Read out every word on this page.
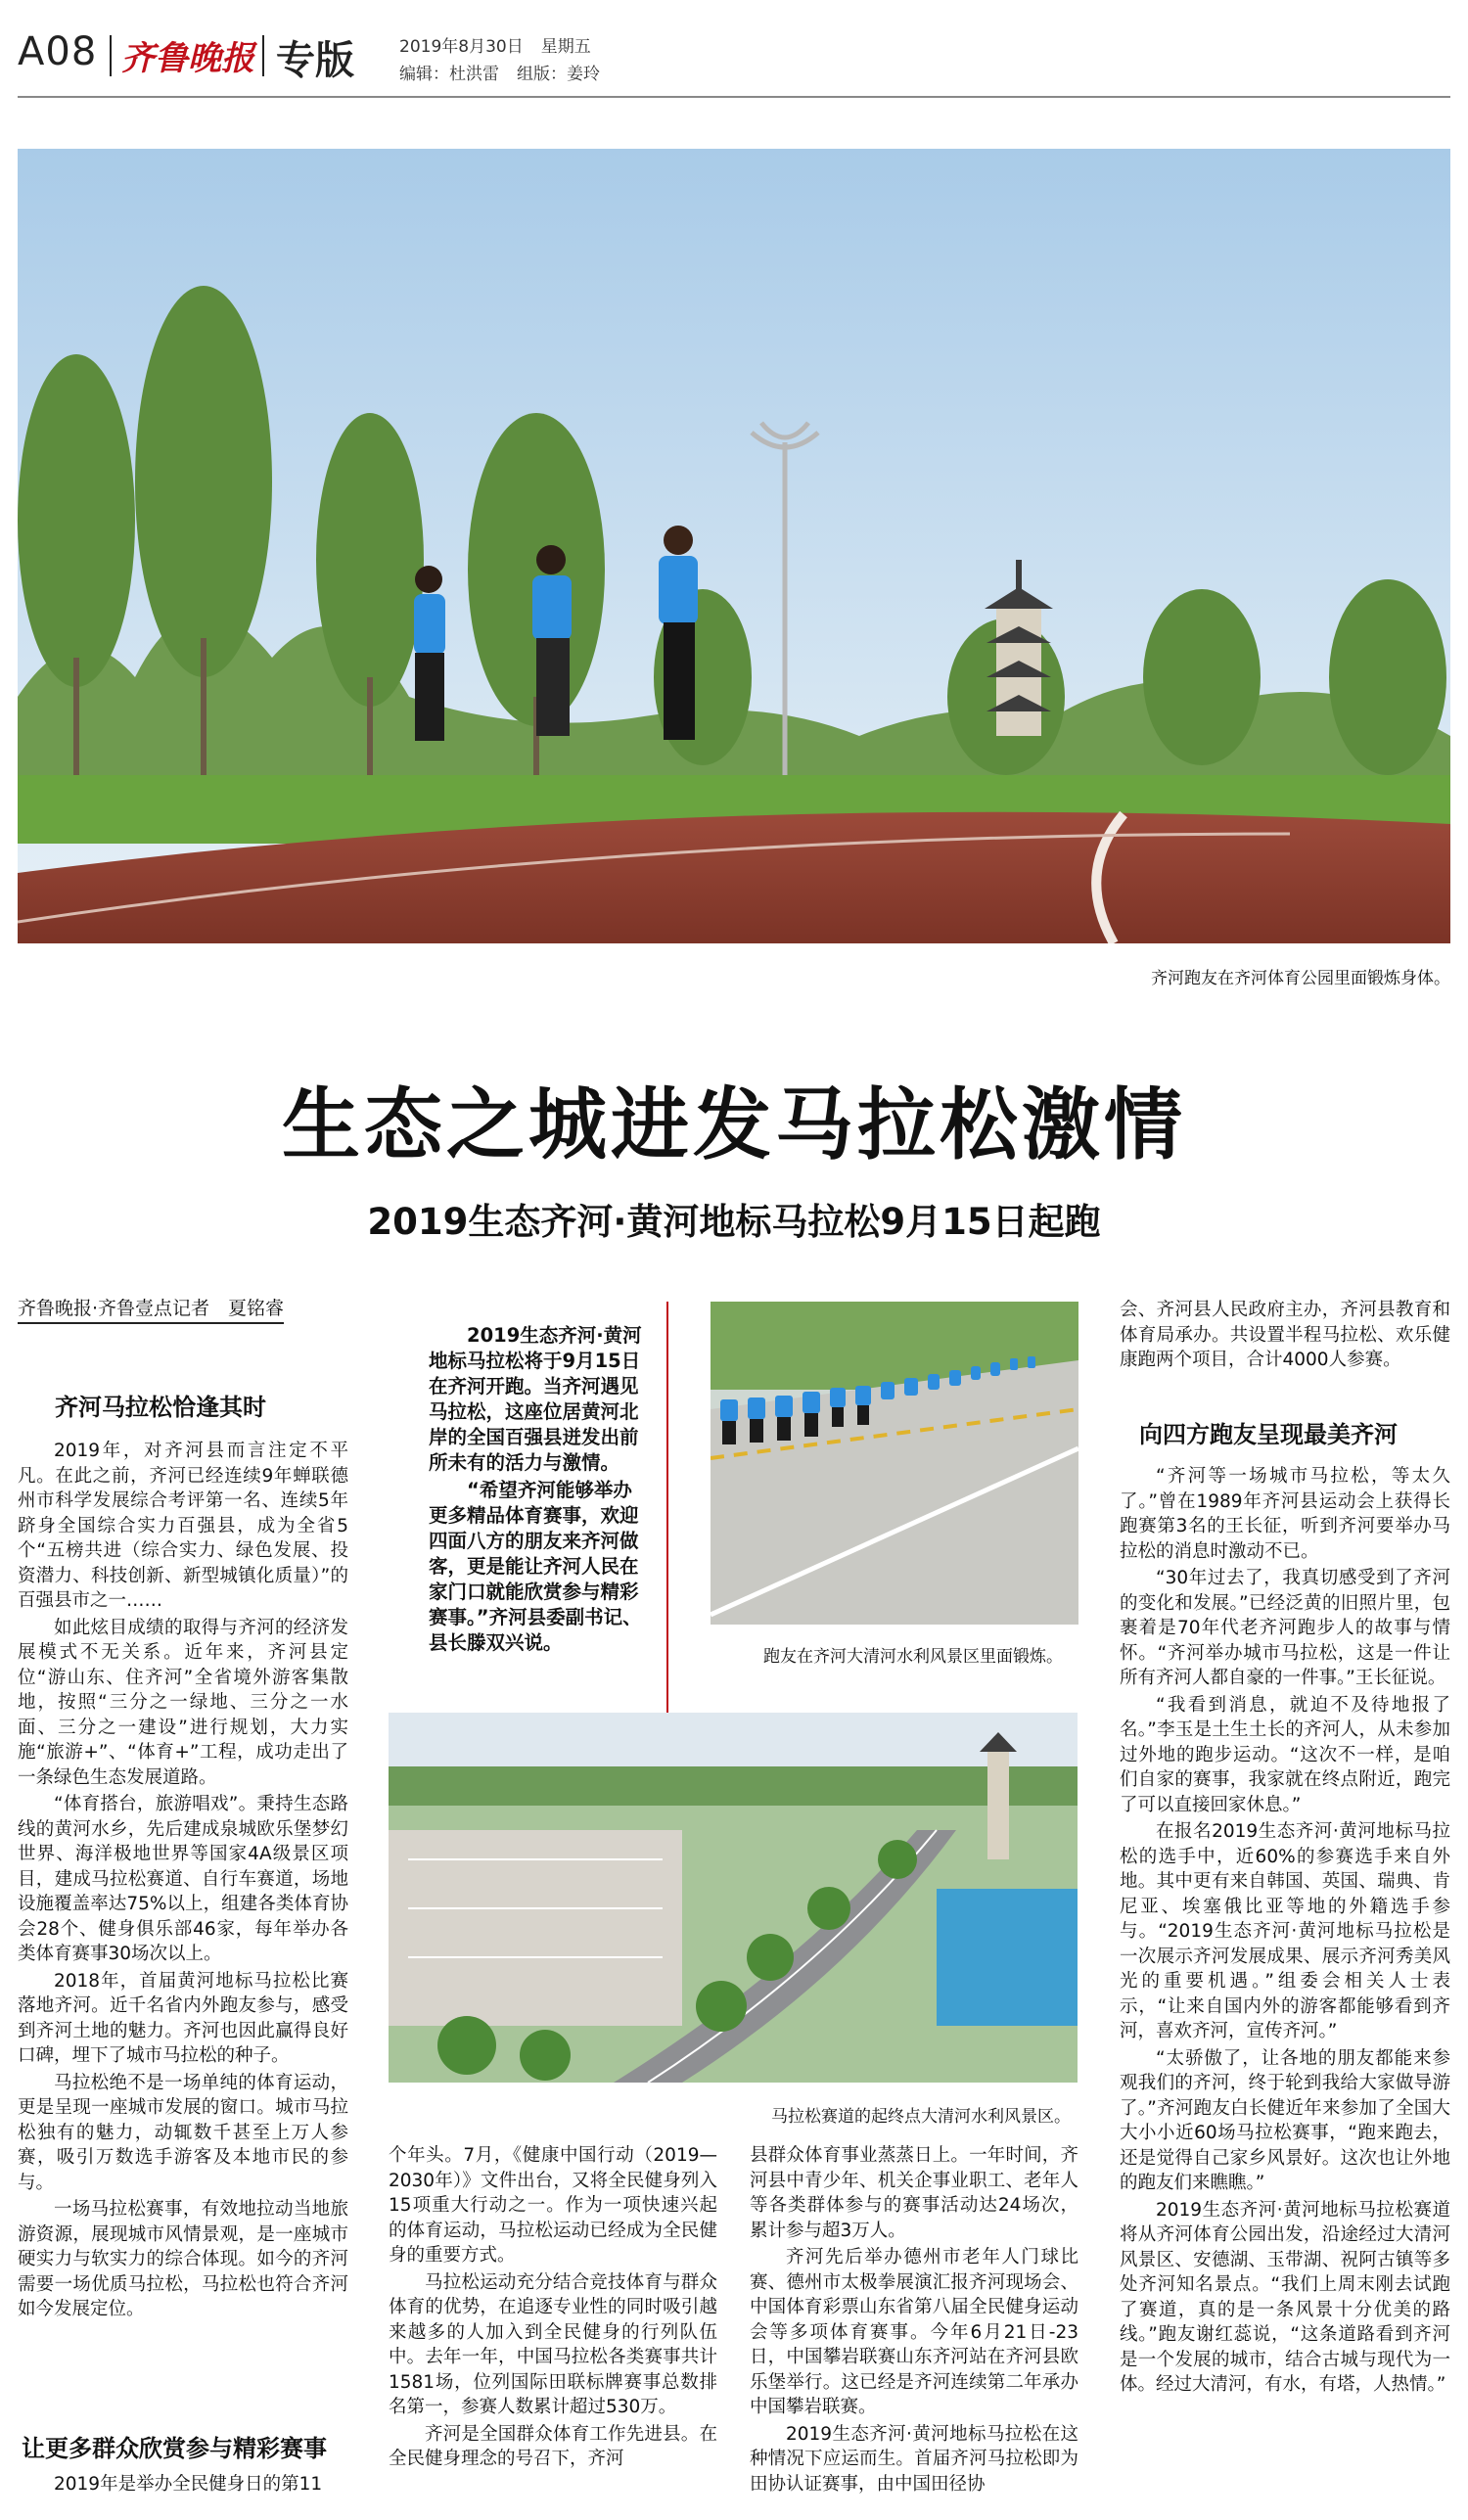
A08 齐鲁晚报 专版	2019年8月30日 星期五
编辑：杜洪雷 组版：姜玲
齐河跑友在齐河体育公园里面锻炼身体。
生态之城进发马拉松激情
2019生态齐河·黄河地标马拉松9月15日起跑
齐鲁晚报·齐鲁壹点记者　夏铭睿
齐河马拉松恰逢其时

2019年，对齐河县而言注定不平凡。在此之前，齐河已经连续9年蝉联德州市科学发展综合考评第一名、连续5年跻身全国综合实力百强县，成为全省5个“五榜共进（综合实力、绿色发展、投资潜力、科技创新、新型城镇化质量）”的百强县市之一……

如此炫目成绩的取得与齐河的经济发展模式不无关系。近年来，齐河县定位“游山东、住齐河”全省境外游客集散地，按照“三分之一绿地、三分之一水面、三分之一建设”进行规划，大力实施“旅游+”、“体育+”工程，成功走出了一条绿色生态发展道路。

“体育搭台，旅游唱戏”。秉持生态路线的黄河水乡，先后建成泉城欧乐堡梦幻世界、海洋极地世界等国家4A级景区项目，建成马拉松赛道、自行车赛道，场地设施覆盖率达75%以上，组建各类体育协会28个、健身俱乐部46家，每年举办各类体育赛事30场次以上。

2018年，首届黄河地标马拉松比赛落地齐河。近千名省内外跑友参与，感受到齐河土地的魅力。齐河也因此赢得良好口碑，埋下了城市马拉松的种子。

马拉松绝不是一场单纯的体育运动，更是呈现一座城市发展的窗口。城市马拉松独有的魅力，动辄数千甚至上万人参赛，吸引万数选手游客及本地市民的参与。

一场马拉松赛事，有效地拉动当地旅游资源，展现城市风情景观，是一座城市硬实力与软实力的综合体现。如今的齐河需要一场优质马拉松，马拉松也符合齐河如今发展定位。

让更多群众欣赏参与精彩赛事

2019年是举办全民健身日的第11

2019生态齐河·黄河地标马拉松将于9月15日在齐河开跑。当齐河遇见马拉松，这座位居黄河北岸的全国百强县迸发出前所未有的活力与激情。

“希望齐河能够举办更多精品体育赛事，欢迎四面八方的朋友来齐河做客，更是能让齐河人民在家门口就能欣赏参与精彩赛事。”齐河县委副书记、县长滕双兴说。

跑友在齐河大清河水利风景区里面锻炼。
马拉松赛道的起终点大清河水利风景区。

个年头。7月，《健康中国行动（2019—2030年）》文件出台，又将全民健身列入15项重大行动之一。作为一项快速兴起的体育运动，马拉松运动已经成为全民健身的重要方式。

马拉松运动充分结合竞技体育与群众体育的优势，在追逐专业性的同时吸引越来越多的人加入到全民健身的行列队伍中。去年一年，中国马拉松各类赛事共计1581场，位列国际田联标牌赛事总数排名第一，参赛人数累计超过530万。

齐河是全国群众体育工作先进县。在全民健身理念的号召下，齐河

县群众体育事业蒸蒸日上。一年时间，齐河县中青少年、机关企事业职工、老年人等各类群体参与的赛事活动达24场次，累计参与超3万人。

齐河先后举办德州市老年人门球比赛、德州市太极拳展演汇报齐河现场会、中国体育彩票山东省第八届全民健身运动会等多项体育赛事。今年6月21日-23日，中国攀岩联赛山东齐河站在齐河县欧乐堡举行。这已经是齐河连续第二年承办中国攀岩联赛。

2019生态齐河·黄河地标马拉松在这种情况下应运而生。首届齐河马拉松即为田协认证赛事，由中国田径协

会、齐河县人民政府主办，齐河县教育和体育局承办。共设置半程马拉松、欢乐健康跑两个项目，合计4000人参赛。

向四方跑友呈现最美齐河

“齐河等一场城市马拉松，等太久了。”曾在1989年齐河县运动会上获得长跑赛第3名的王长征，听到齐河要举办马拉松的消息时激动不已。

“30年过去了，我真切感受到了齐河的变化和发展。”已经泛黄的旧照片里，包裹着是70年代老齐河跑步人的故事与情怀。“齐河举办城市马拉松，这是一件让所有齐河人都自豪的一件事。”王长征说。

“我看到消息，就迫不及待地报了名。”李玉是土生土长的齐河人，从未参加过外地的跑步运动。“这次不一样，是咱们自家的赛事，我家就在终点附近，跑完了可以直接回家休息。”

在报名2019生态齐河·黄河地标马拉松的选手中，近60%的参赛选手来自外地。其中更有来自韩国、英国、瑞典、肯尼亚、埃塞俄比亚等地的外籍选手参与。“2019生态齐河·黄河地标马拉松是一次展示齐河发展成果、展示齐河秀美风光的重要机遇。”组委会相关人士表示，“让来自国内外的游客都能够看到齐河，喜欢齐河，宣传齐河。”

“太骄傲了，让各地的朋友都能来参观我们的齐河，终于轮到我给大家做导游了。”齐河跑友白长健近年来参加了全国大大小小近60场马拉松赛事，“跑来跑去，还是觉得自己家乡风景好。这次也让外地的跑友们来瞧瞧。”

2019生态齐河·黄河地标马拉松赛道将从齐河体育公园出发，沿途经过大清河风景区、安德湖、玉带湖、祝阿古镇等多处齐河知名景点。“我们上周末刚去试跑了赛道，真的是一条风景十分优美的路线。”跑友谢红蕊说，“这条道路看到齐河是一个发展的城市，结合古城与现代为一体。经过大清河，有水，有塔，人热情。”
